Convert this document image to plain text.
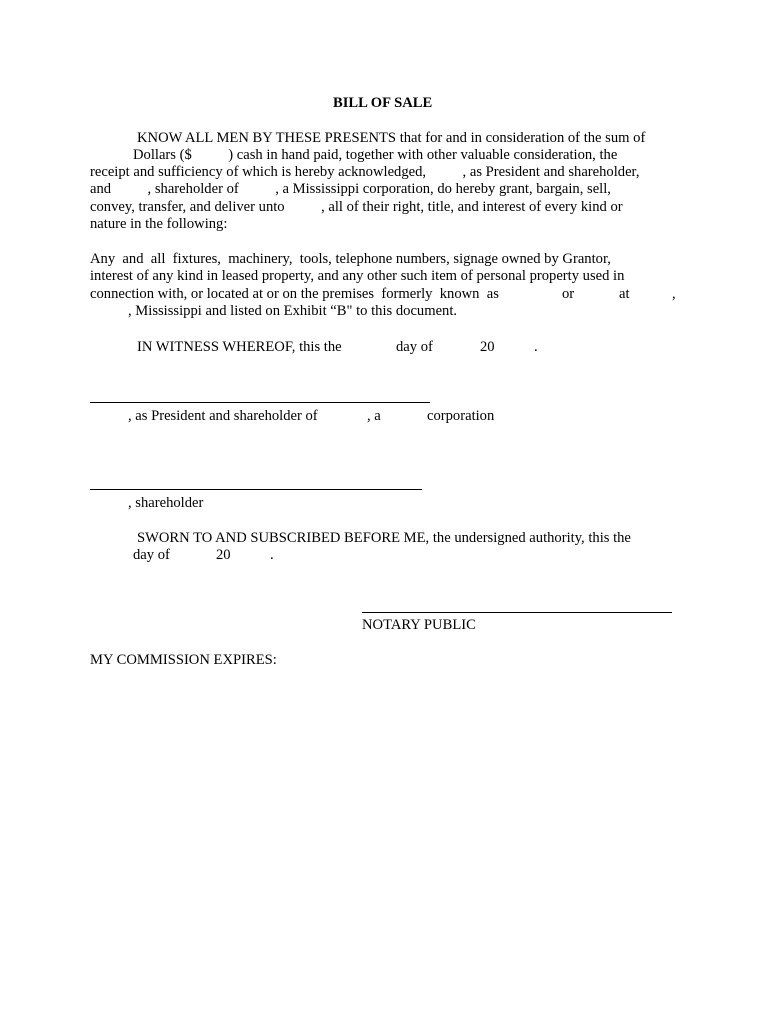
BILL OF SALE
KNOW ALL MEN BY THESE PRESENTS that for and in consideration of the sum of
Dollars ($          ) cash in hand paid, together with other valuable consideration, the
receipt and sufficiency of which is hereby acknowledged,          , as President and shareholder,
and          , shareholder of          , a Mississippi corporation, do hereby grant, bargain, sell,
convey, transfer, and deliver unto          , all of their right, title, and interest of every kind or
nature in the following:
Any  and  all  fixtures,  machinery,  tools, telephone numbers, signage owned by Grantor,
interest of any kind in leased property, and any other such item of personal property used in
connection with, or located at or on the premises  formerly  known  as	or	at	,
, Mississippi and listed on Exhibit “B" to this document.
IN WITNESS WHEREOF, this the	day of	20	.
, as President and shareholder of	, a	corporation
, shareholder
SWORN TO AND SUBSCRIBED BEFORE ME, the undersigned authority, this the
day of	20	.
NOTARY PUBLIC
MY COMMISSION EXPIRES:
